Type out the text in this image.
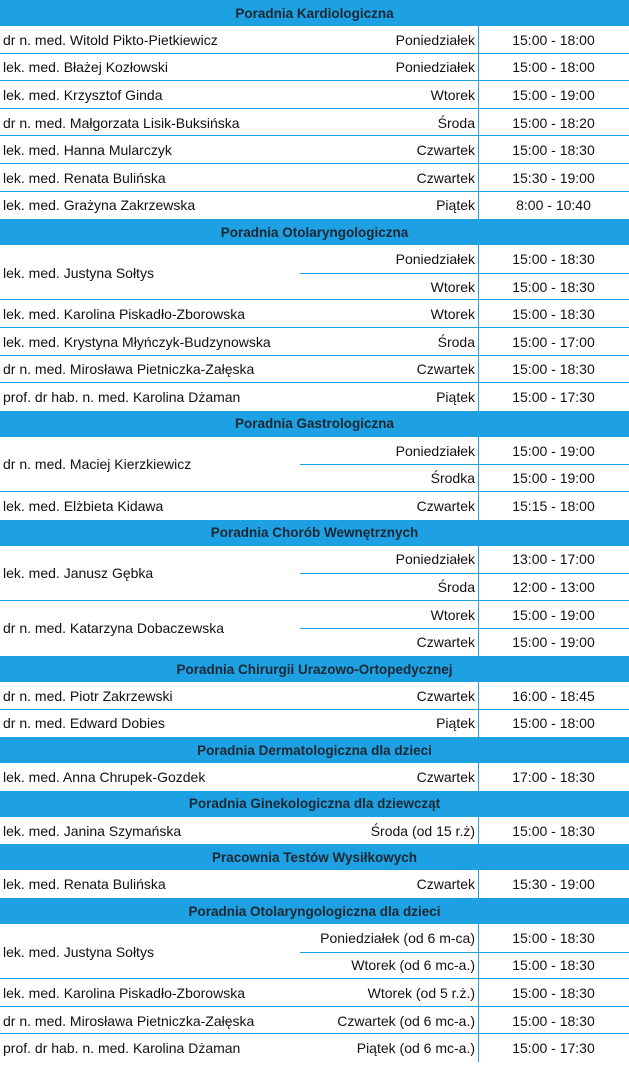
Poradnia Kardiologiczna
dr n. med. Witold Pikto-Pietkiewicz	Poniedziałek	15:00 - 18:00
lek. med. Błażej Kozłowski	Poniedziałek	15:00 - 18:00
lek. med. Krzysztof Ginda	Wtorek	15:00 - 19:00
dr n. med. Małgorzata Lisik-Buksińska	Środa	15:00 - 18:20
lek. med. Hanna Mularczyk	Czwartek	15:00 - 18:30
lek. med. Renata Bulińska	Czwartek	15:30 - 19:00
lek. med. Grażyna Zakrzewska	Piątek	8:00 - 10:40
Poradnia Otolaryngologiczna
lek. med. Justyna Sołtys
Poniedziałek	15:00 - 18:30
Wtorek	15:00 - 18:30
lek. med. Karolina Piskadło-Zborowska	Wtorek	15:00 - 18:30
lek. med. Krystyna Młyńczyk-Budzynowska	Środa	15:00 - 17:00
dr n. med. Mirosława Pietniczka-Załęska	Czwartek	15:00 - 18:30
prof. dr hab. n. med. Karolina Dżaman	Piątek	15:00 - 17:30
Poradnia Gastrologiczna
dr n. med. Maciej Kierzkiewicz
Poniedziałek	15:00 - 19:00
Środka	15:00 - 19:00
lek. med. Elżbieta Kidawa	Czwartek	15:15 - 18:00
Poradnia Chorób Wewnętrznych
lek. med. Janusz Gębka
Poniedziałek	13:00 - 17:00
Środa	12:00 - 13:00
dr n. med. Katarzyna Dobaczewska
Wtorek	15:00 - 19:00
Czwartek	15:00 - 19:00
Poradnia Chirurgii Urazowo-Ortopedycznej
dr n. med. Piotr Zakrzewski	Czwartek	16:00 - 18:45
dr n. med. Edward Dobies	Piątek	15:00 - 18:00
Poradnia Dermatologiczna dla dzieci
lek. med. Anna Chrupek-Gozdek	Czwartek	17:00 - 18:30
Poradnia Ginekologiczna dla dziewcząt
lek. med. Janina Szymańska	Środa (od 15 r.ż)	15:00 - 18:30
Pracownia Testów Wysiłkowych
lek. med. Renata Bulińska	Czwartek	15:30 - 19:00
Poradnia Otolaryngologiczna dla dzieci
lek. med. Justyna Sołtys
Poniedziałek (od 6 m-ca)	15:00 - 18:30
Wtorek (od 6 mc-a.)	15:00 - 18:30
lek. med. Karolina Piskadło-Zborowska	Wtorek (od 5 r.ż.)	15:00 - 18:30
dr n. med. Mirosława Pietniczka-Załęska	Czwartek (od 6 mc-a.)	15:00 - 18:30
prof. dr hab. n. med. Karolina Dżaman	Piątek (od 6 mc-a.)	15:00 - 17:30
